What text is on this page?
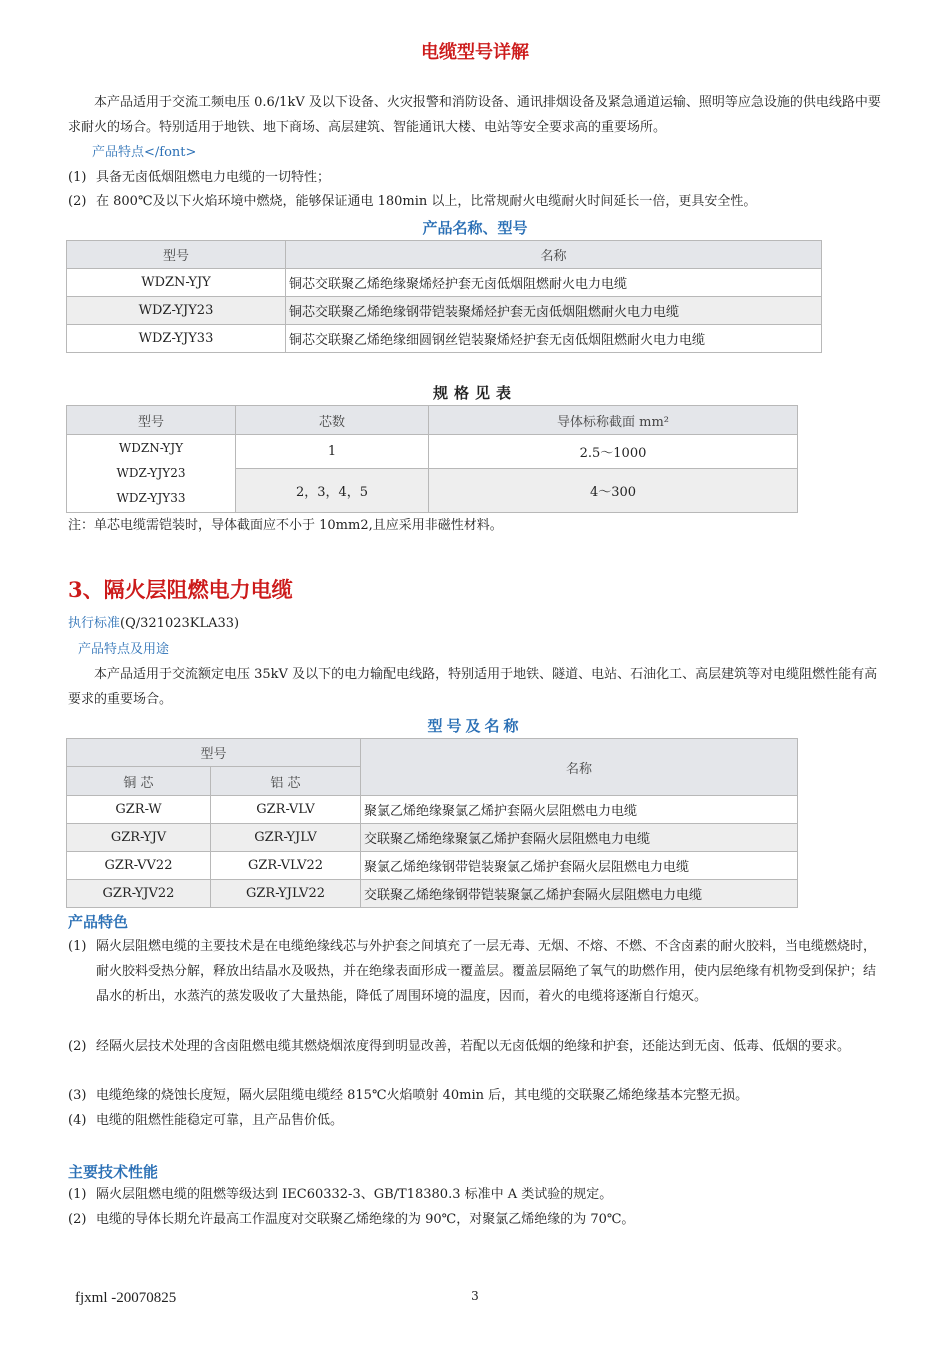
电缆型号详解
本产品适用于交流工频电压 0.6/1kV 及以下设备、火灾报警和消防设备、通讯排烟设备及紧急通道运输、照明等应急设施的供电线路中要求耐火的场合。特别适用于地铁、地下商场、高层建筑、智能通讯大楼、电站等安全要求高的重要场所。
产品特点</font>
(1) 具备无卤低烟阻燃电力电缆的一切特性；
(2) 在 800℃及以下火焰环境中燃烧，能够保证通电 180min 以上，比常规耐火电缆耐火时间延长一倍，更具安全性。
产品名称、型号
型号	名称
WDZN-YJY	铜芯交联聚乙烯绝缘聚烯烃护套无卤低烟阻燃耐火电力电缆
WDZ-YJY23	铜芯交联聚乙烯绝缘钢带铠装聚烯烃护套无卤低烟阻燃耐火电力电缆
WDZ-YJY33	铜芯交联聚乙烯绝缘细圆钢丝铠装聚烯烃护套无卤低烟阻燃耐火电力电缆
规格见表
型号	芯数	导体标称截面 mm²

WDZN-YJY
WDZ-YJY23
WDZ-YJY33	1	2.5～1000
	2，3，4，5	4～300
注：单芯电缆需铠装时，导体截面应不小于 10mm2,且应采用非磁性材料。
3、隔火层阻燃电力电缆
执行标准(Q/321023KLA33)
产品特点及用途
本产品适用于交流额定电压 35kV 及以下的电力输配电线路，特别适用于地铁、隧道、电站、石油化工、高层建筑等对电缆阻燃性能有高要求的重要场合。
型号及名称
型号		名称
铜 芯	铝 芯	
GZR-W	GZR-VLV	聚氯乙烯绝缘聚氯乙烯护套隔火层阻燃电力电缆
GZR-YJV	GZR-YJLV	交联聚乙烯绝缘聚氯乙烯护套隔火层阻燃电力电缆
GZR-VV22	GZR-VLV22	聚氯乙烯绝缘钢带铠装聚氯乙烯护套隔火层阻燃电力电缆
GZR-YJV22	GZR-YJLV22	交联聚乙烯绝缘钢带铠装聚氯乙烯护套隔火层阻燃电力电缆
产品特色
(1) 隔火层阻燃电缆的主要技术是在电缆绝缘线芯与外护套之间填充了一层无毒、无烟、不熔、不燃、不含卤素的耐火胶料，当电缆燃烧时，耐火胶料受热分解，释放出结晶水及吸热，并在绝缘表面形成一覆盖层。覆盖层隔绝了氧气的助燃作用，使内层绝缘有机物受到保护；结晶水的析出，水蒸汽的蒸发吸收了大量热能，降低了周围环境的温度，因而，着火的电缆将逐渐自行熄灭。
(2) 经隔火层技术处理的含卤阻燃电缆其燃烧烟浓度得到明显改善，若配以无卤低烟的绝缘和护套，还能达到无卤、低毒、低烟的要求。
(3) 电缆绝缘的烧蚀长度短，隔火层阻缆电缆经 815℃火焰喷射 40min 后，其电缆的交联聚乙烯绝缘基本完整无损。
(4) 电缆的阻燃性能稳定可靠，且产品售价低。
主要技术性能
(1) 隔火层阻燃电缆的阻燃等级达到 IEC60332-3、GB/T18380.3 标准中 A 类试验的规定。
(2) 电缆的导体长期允许最高工作温度对交联聚乙烯绝缘的为 90℃，对聚氯乙烯绝缘的为 70℃。
fjxml -20070825	3
